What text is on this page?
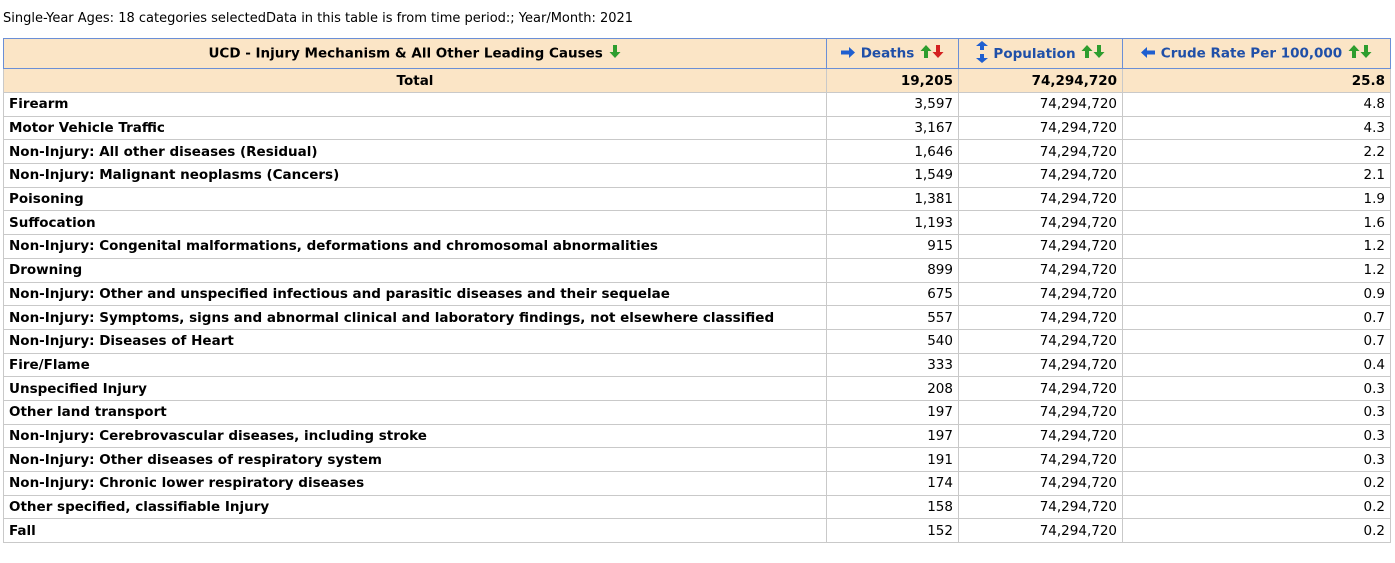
Single-Year Ages: 18 categories selectedData in this table is from time period:; Year/Month: 2021
UCD - Injury Mechanism & All Other Leading Causes	Deaths	Population	Crude Rate Per 100,000
Total	19,205	74,294,720	25.8
Firearm	3,597	74,294,720	4.8
Motor Vehicle Traffic	3,167	74,294,720	4.3
Non-Injury: All other diseases (Residual)	1,646	74,294,720	2.2
Non-Injury: Malignant neoplasms (Cancers)	1,549	74,294,720	2.1
Poisoning	1,381	74,294,720	1.9
Suffocation	1,193	74,294,720	1.6
Non-Injury: Congenital malformations, deformations and chromosomal abnormalities	915	74,294,720	1.2
Drowning	899	74,294,720	1.2
Non-Injury: Other and unspecified infectious and parasitic diseases and their sequelae	675	74,294,720	0.9
Non-Injury: Symptoms, signs and abnormal clinical and laboratory findings, not elsewhere classified	557	74,294,720	0.7
Non-Injury: Diseases of Heart	540	74,294,720	0.7
Fire/Flame	333	74,294,720	0.4
Unspecified Injury	208	74,294,720	0.3
Other land transport	197	74,294,720	0.3
Non-Injury: Cerebrovascular diseases, including stroke	197	74,294,720	0.3
Non-Injury: Other diseases of respiratory system	191	74,294,720	0.3
Non-Injury: Chronic lower respiratory diseases	174	74,294,720	0.2
Other specified, classifiable Injury	158	74,294,720	0.2
Fall	152	74,294,720	0.2
